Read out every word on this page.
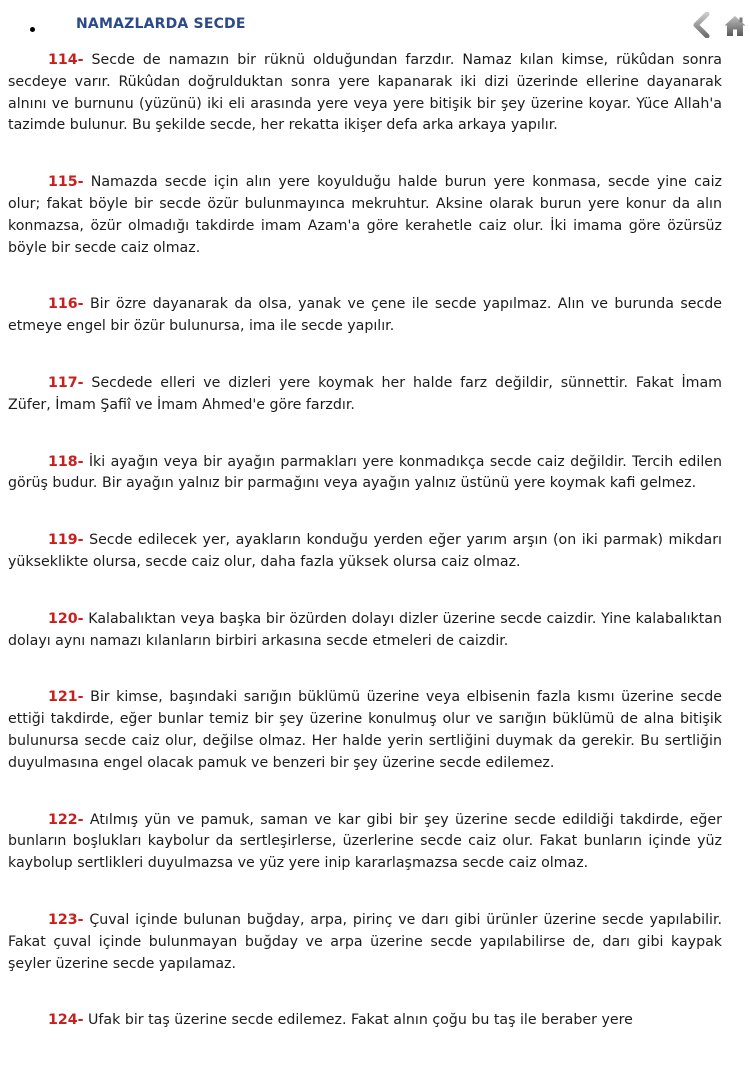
NAMAZLARDA SECDE

114- Secde de namazın bir rüknü olduğundan farzdır. Namaz kılan kimse, rükûdan sonra secdeye varır. Rükûdan doğrulduktan sonra yere kapanarak iki dizi üzerinde ellerine dayanarak alnını ve burnunu (yüzünü) iki eli arasında yere veya yere bitişik bir şey üzerine koyar. Yüce Allah'a tazimde bulunur. Bu şekilde secde, her rekatta ikişer defa arka arkaya yapılır.

115- Namazda secde için alın yere koyulduğu halde burun yere konmasa, secde yine caiz olur; fakat böyle bir secde özür bulunmayınca mekruhtur. Aksine olarak burun yere konur da alın konmazsa, özür olmadığı takdirde imam Azam'a göre kerahetle caiz olur. İki imama göre özürsüz böyle bir secde caiz olmaz.

116- Bir özre dayanarak da olsa, yanak ve çene ile secde yapılmaz. Alın ve burunda secde etmeye engel bir özür bulunursa, ima ile secde yapılır.

117- Secdede elleri ve dizleri yere koymak her halde farz değildir, sünnettir. Fakat İmam Züfer, İmam Şafiî ve İmam Ahmed'e göre farzdır.

118- İki ayağın veya bir ayağın parmakları yere konmadıkça secde caiz değildir. Tercih edilen görüş budur. Bir ayağın yalnız bir parmağını veya ayağın yalnız üstünü yere koymak kafi gelmez.

119- Secde edilecek yer, ayakların konduğu yerden eğer yarım arşın (on iki parmak) mikdarı yükseklikte olursa, secde caiz olur, daha fazla yüksek olursa caiz olmaz.

120- Kalabalıktan veya başka bir özürden dolayı dizler üzerine secde caizdir. Yine kalabalıktan dolayı aynı namazı kılanların birbiri arkasına secde etmeleri de caizdir.

121- Bir kimse, başındaki sarığın büklümü üzerine veya elbisenin fazla kısmı üzerine secde ettiği takdirde, eğer bunlar temiz bir şey üzerine konulmuş olur ve sarığın büklümü de alna bitişik bulunursa secde caiz olur, değilse olmaz. Her halde yerin sertliğini duymak da gerekir. Bu sertliğin duyulmasına engel olacak pamuk ve benzeri bir şey üzerine secde edilemez.

122- Atılmış yün ve pamuk, saman ve kar gibi bir şey üzerine secde edildiği takdirde, eğer bunların boşlukları kaybolur da sertleşirlerse, üzerlerine secde caiz olur. Fakat bunların içinde yüz kaybolup sertlikleri duyulmazsa ve yüz yere inip kararlaşmazsa secde caiz olmaz.

123- Çuval içinde bulunan buğday, arpa, pirinç ve darı gibi ürünler üzerine secde yapılabilir. Fakat çuval içinde bulunmayan buğday ve arpa üzerine secde yapılabilirse de, darı gibi kaypak şeyler üzerine secde yapılamaz.

124- Ufak bir taş üzerine secde edilemez. Fakat alnın çoğu bu taş ile beraber yere
